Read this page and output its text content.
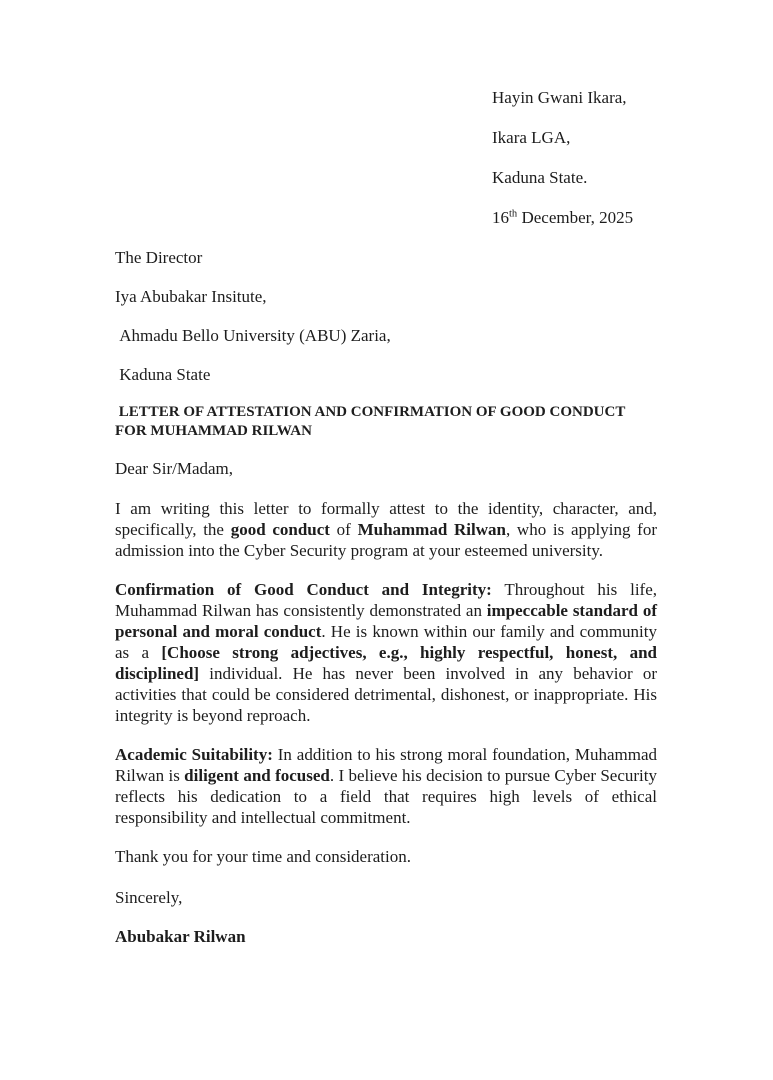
Hayin Gwani Ikara,
Ikara LGA,
Kaduna State.
16th December, 2025
The Director
Iya Abubakar Insitute,
Ahmadu Bello University (ABU) Zaria,
Kaduna State
LETTER OF ATTESTATION AND CONFIRMATION OF GOOD CONDUCT
FOR MUHAMMAD RILWAN
Dear Sir/Madam,

I am writing this letter to formally attest to the identity, character, and, specifically, the good conduct of Muhammad Rilwan, who is applying for admission into the Cyber Security program at your esteemed university.

Confirmation of Good Conduct and Integrity: Throughout his life, Muhammad Rilwan has consistently demonstrated an impeccable standard of personal and moral conduct. He is known within our family and community as a [Choose strong adjectives, e.g., highly respectful, honest, and disciplined] individual. He has never been involved in any behavior or activities that could be considered detrimental, dishonest, or inappropriate. His integrity is beyond reproach.

Academic Suitability: In addition to his strong moral foundation, Muhammad Rilwan is diligent and focused. I believe his decision to pursue Cyber Security reflects his dedication to a field that requires high levels of ethical responsibility and intellectual commitment.

Thank you for your time and consideration.
Sincerely,
Abubakar Rilwan
